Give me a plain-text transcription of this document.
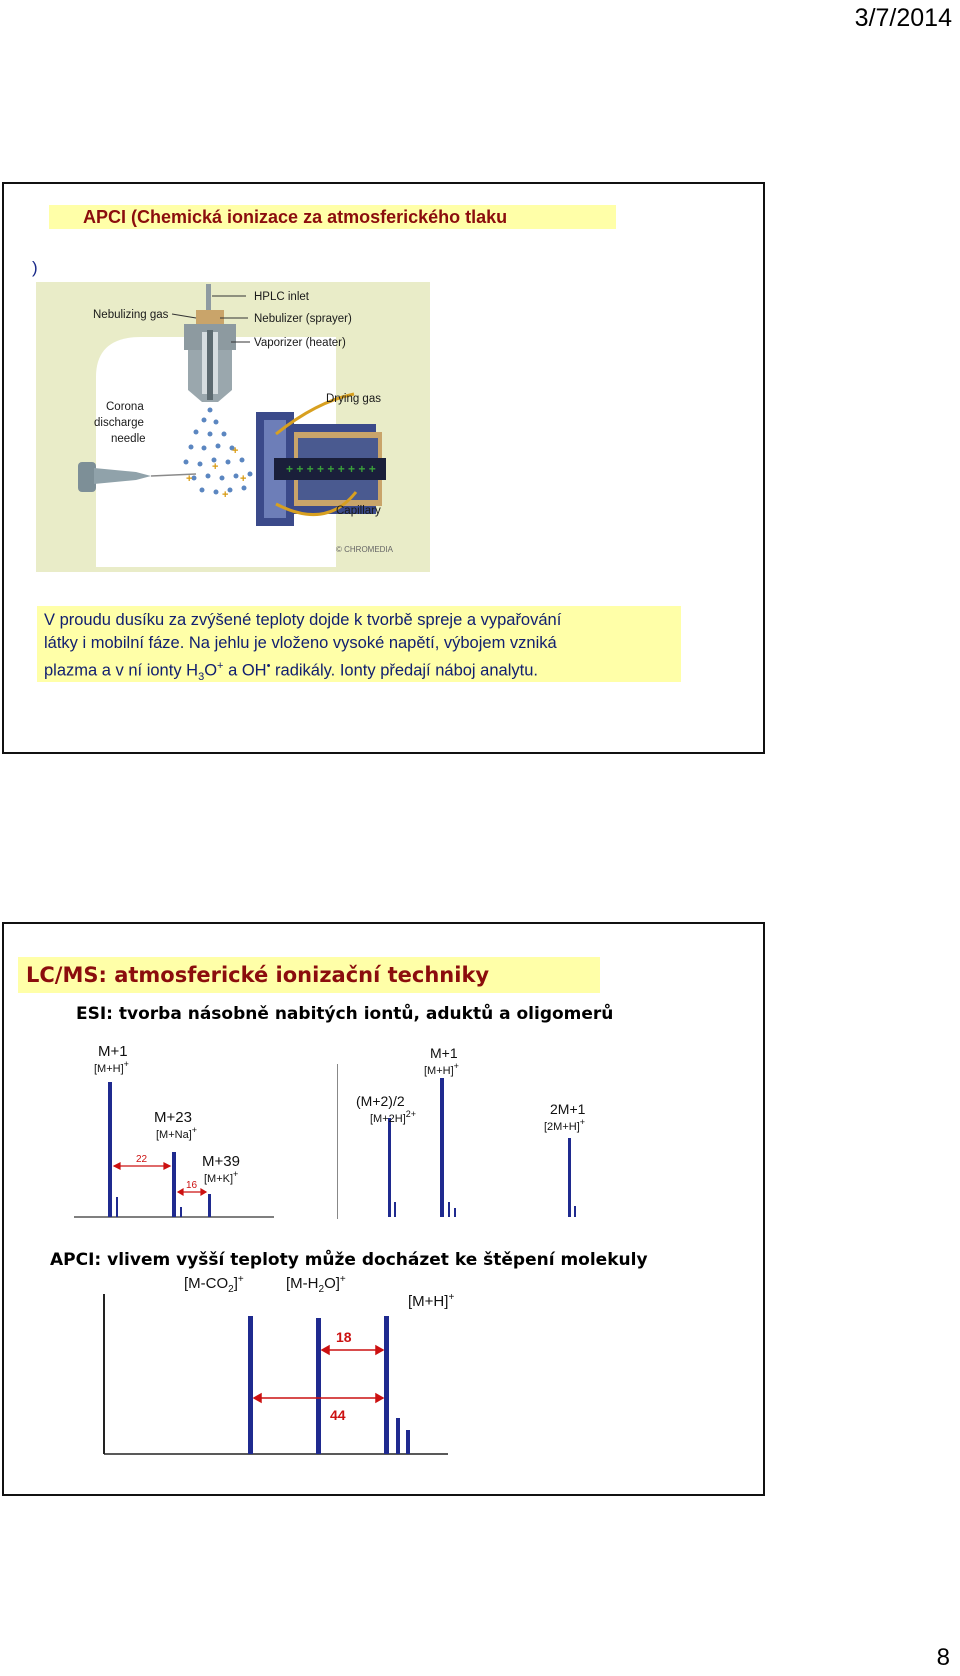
3/7/2014
APCI (Chemická ionizace za atmosferického tlaku
)
+
+
+
+
+
+ + + + + + + + +
HPLC inlet
Nebulizing gas	Nebulizer (sprayer)
Vaporizer (heater)
Drying gas
Corona
discharge
needle
Capillary
© CHROMEDIA
V proudu dusíku za zvýšené teploty dojde k tvorbě spreje a vypařování
látky i mobilní fáze. Na jehlu je vloženo vysoké napětí, výbojem vzniká
plazma a v ní ionty $H_3O^+$ a OH• radikály. Ionty předají náboj analytu.
LC/MS: atmosferické ionizační techniky
ESI: tvorba násobně nabitých iontů, aduktů a oligomerů
M+1
M+23
M+39
[M+H]+
[M+Na]+
[M+K]+
22
16
(M+2)/2
M+1
2M+1
$[M+2H]^{2+}$
[M+H]+
[2M+H]+
APCI: vlivem vyšší teploty může docházet ke štěpení molekuly
18
44
$[M-CO_2]^+$	$[M-H_2O]^+$
[M+H]+
8
